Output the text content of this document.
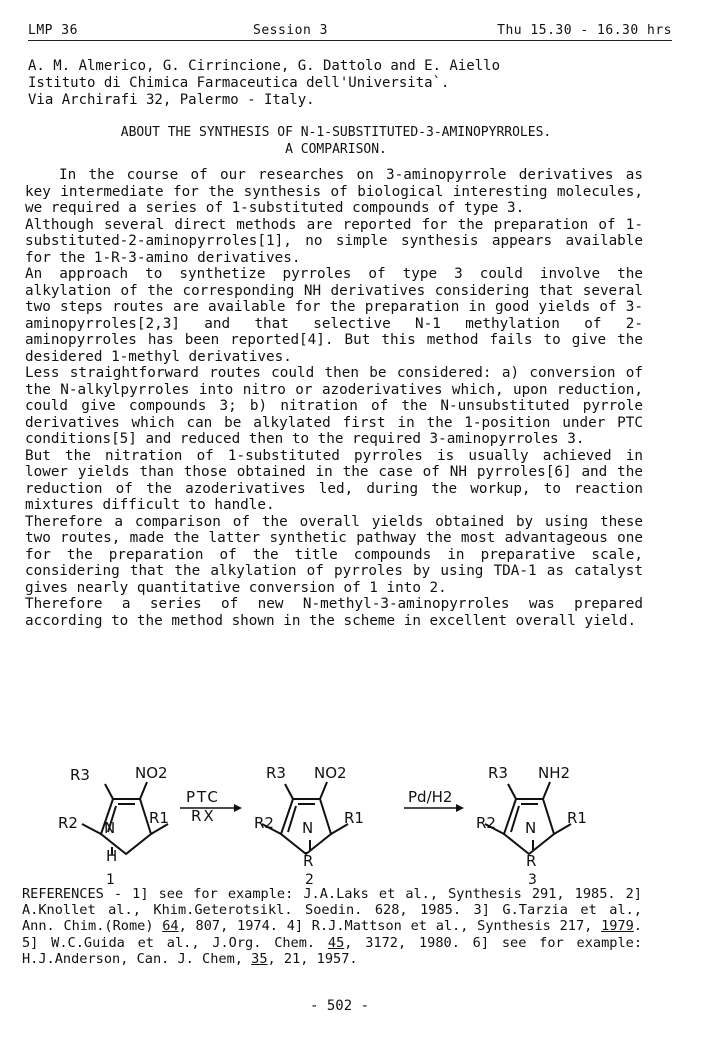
LMP 36	Session 3	Thu 15.30 - 16.30 hrs
A. M. Almerico, G. Cirrincione, G. Dattolo and E. Aiello
Istituto di Chimica Farmaceutica dell'Universita`.
Via Archirafi 32, Palermo - Italy.
ABOUT THE SYNTHESIS OF N-1-SUBSTITUTED-3-AMINOPYRROLES.
A COMPARISON.

In the course of our researches on 3-aminopyrrole derivatives as key intermediate for the synthesis of biological interesting molecules, we required a series of 1-substituted compounds of type 3.

Although several direct methods are reported for the preparation of 1-substituted-2-aminopyrroles[1], no simple synthesis appears available for the 1-R-3-amino derivatives.

An approach to synthetize pyrroles of type 3 could involve the alkylation of the corresponding NH derivatives considering that several two steps routes are available for the preparation in good yields of 3-aminopyrroles[2,3] and that selective N-1 methylation of 2-aminopyrroles has been reported[4]. But this method fails to give the desidered 1-methyl derivatives.

Less straightforward routes could then be considered: a) conversion of the N-alkylpyrroles into nitro or azoderivatives which, upon reduction, could give compounds 3; b) nitration of the N-unsubstituted pyrrole derivatives which can be alkylated first in the 1-position under PTC conditions[5] and reduced then to the required 3-aminopyrroles 3.

But the nitration of 1-substituted pyrroles is usually achieved in lower yields than those obtained in the case of NH pyrroles[6] and the reduction of the azoderivatives led, during the workup, to reaction mixtures difficult to handle.

Therefore a comparison of the overall yields obtained by using these two routes, made the latter synthetic pathway the most advantageous one for the preparation of the title compounds in preparative scale, considering that the alkylation of pyrroles by using TDA-1 as catalyst gives nearly quantitative conversion of 1 into 2.

Therefore a series of new N-methyl-3-aminopyrroles was prepared according to the method shown in the scheme in excellent overall yield.

R3	NO2
R2 N
R1
H
1
PTC
RX
R3 NO2
R2 N
R1
R
2
Pd/H2
R3 NH2
R2 N
R1
R
3

REFERENCES - 1] see for example: J.A.Laks et al., Synthesis 291, 1985. 2] A.Knollet al., Khim.Geterotsikl. Soedin. 628, 1985. 3] G.Tarzia et al., Ann. Chim.(Rome) 64, 807, 1974. 4] R.J.Mattson et al., Synthesis 217, 1979. 5] W.C.Guida et al., J.Org. Chem. 45, 3172, 1980. 6] see for example: H.J.Anderson, Can. J. Chem, 35, 21, 1957.

- 502 -
